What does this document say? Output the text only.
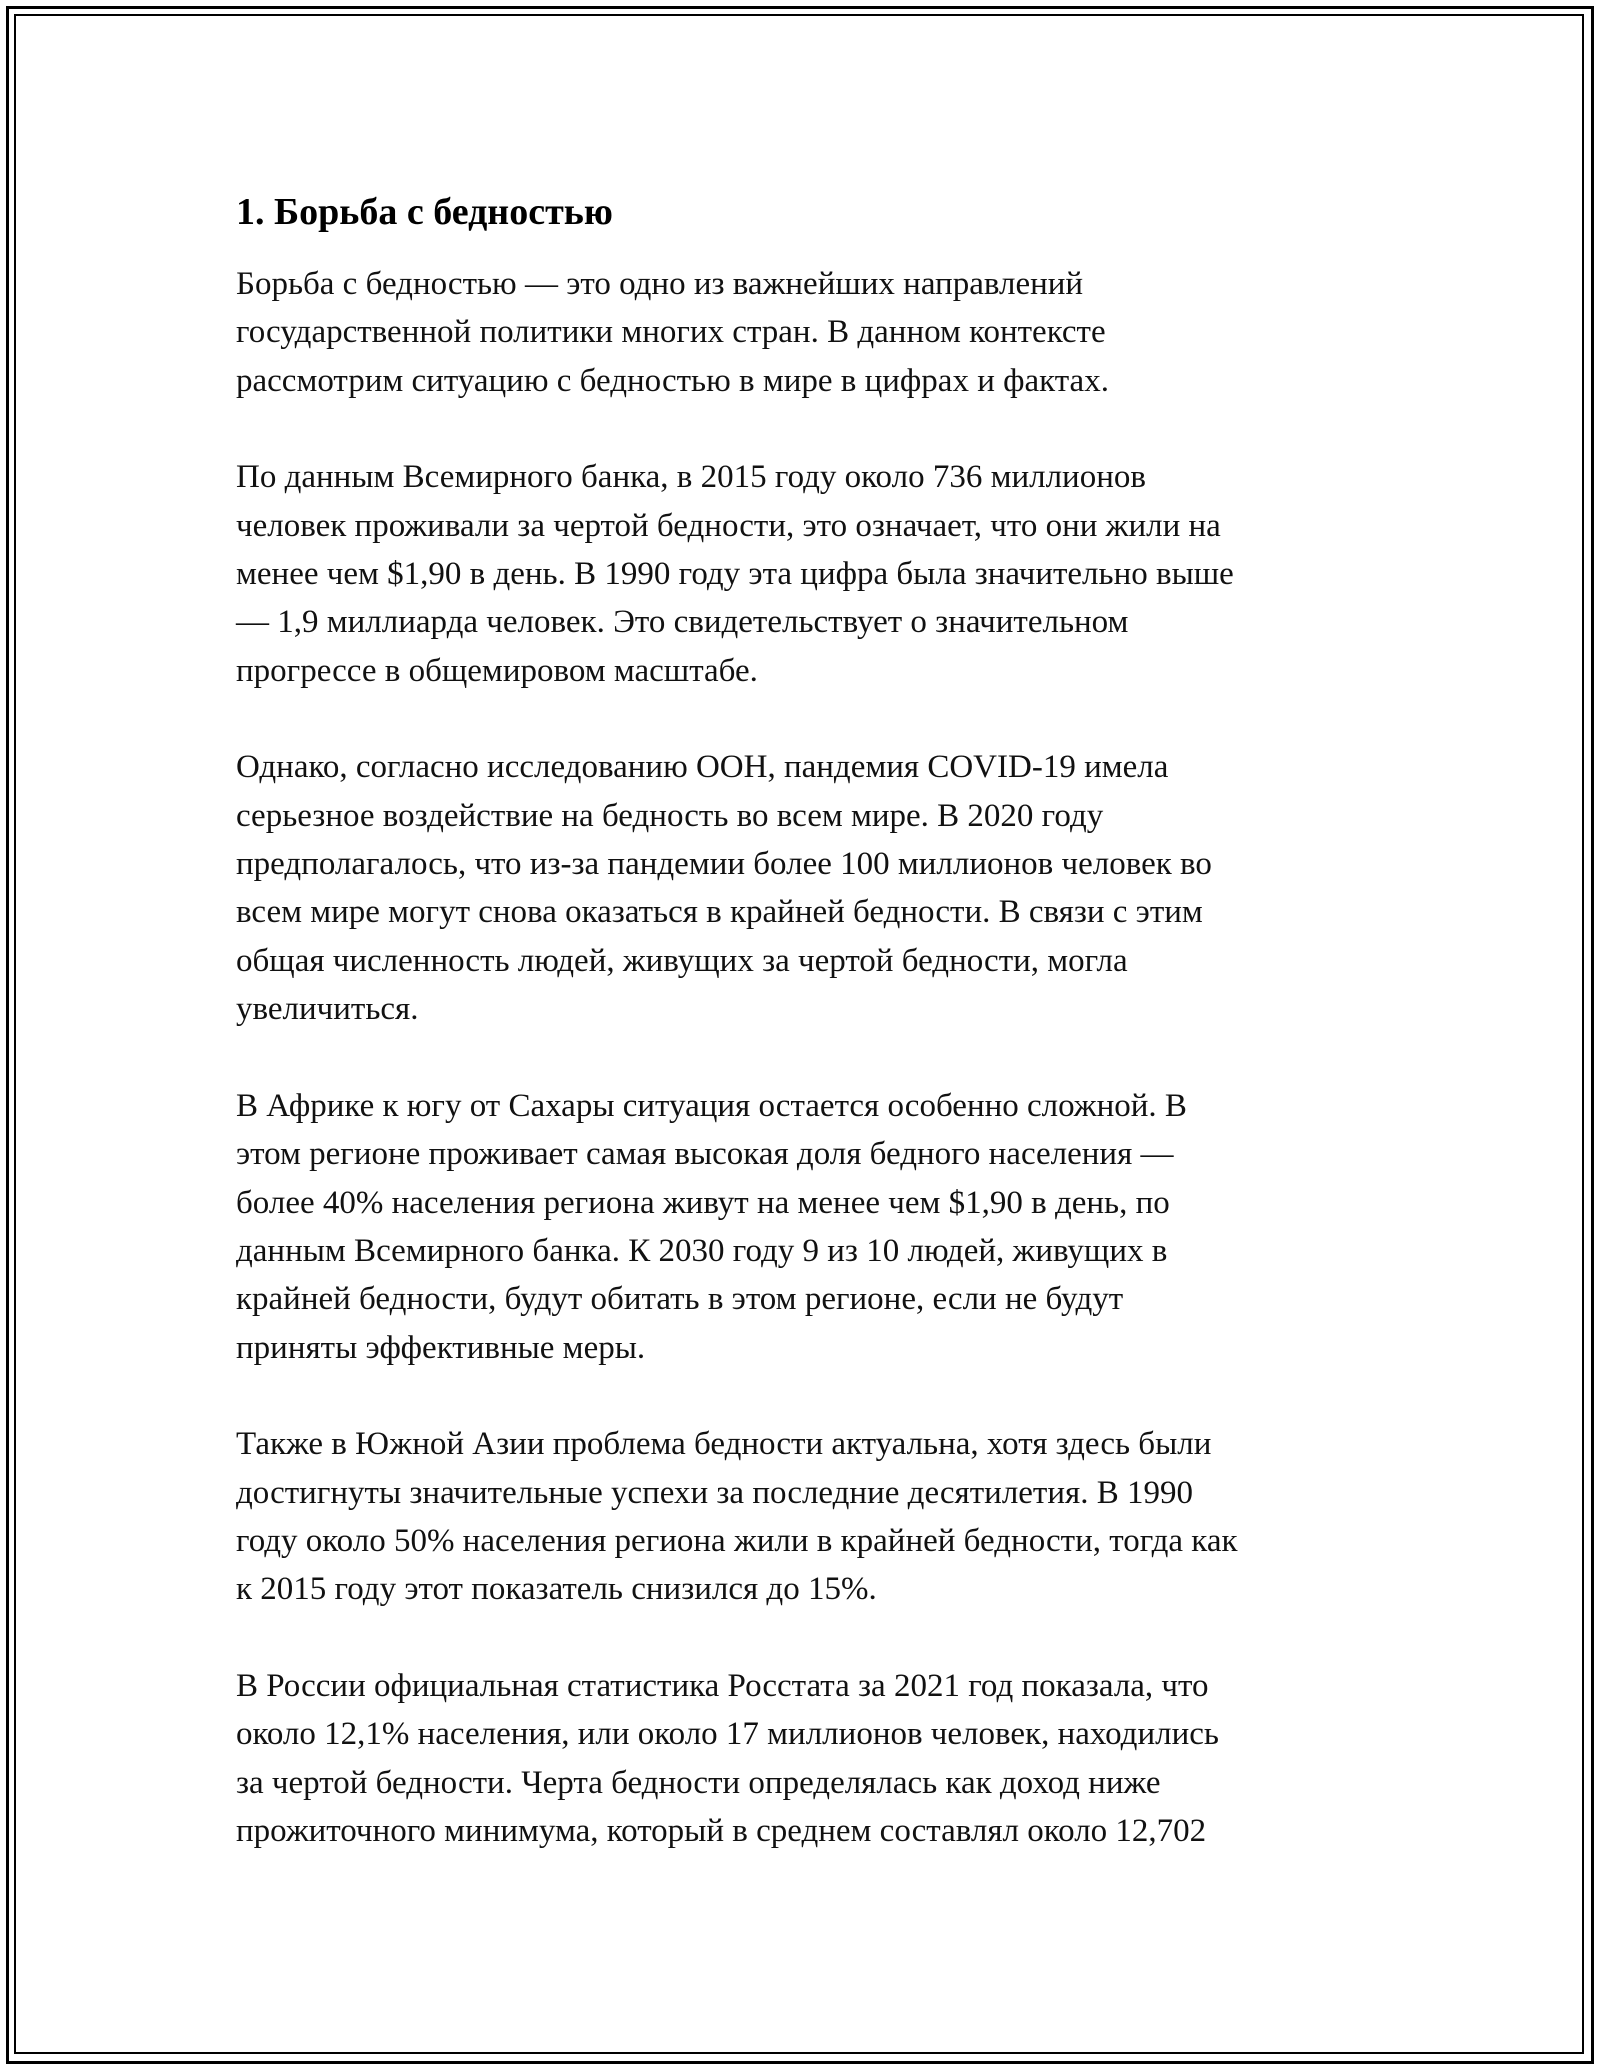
1. Борьба с бедностью

Борьба с бедностью — это одно из важнейших направлений
государственной политики многих стран. В данном контексте
рассмотрим ситуацию с бедностью в мире в цифрах и фактах.

По данным Всемирного банка, в 2015 году около 736 миллионов
человек проживали за чертой бедности, это означает, что они жили на
менее чем $1,90 в день. В 1990 году эта цифра была значительно выше
— 1,9 миллиарда человек. Это свидетельствует о значительном
прогрессе в общемировом масштабе.

Однако, согласно исследованию ООН, пандемия COVID-19 имела
серьезное воздействие на бедность во всем мире. В 2020 году
предполагалось, что из-за пандемии более 100 миллионов человек во
всем мире могут снова оказаться в крайней бедности. В связи с этим
общая численность людей, живущих за чертой бедности, могла
увеличиться.

В Африке к югу от Сахары ситуация остается особенно сложной. В
этом регионе проживает самая высокая доля бедного населения —
более 40% населения региона живут на менее чем $1,90 в день, по
данным Всемирного банка. К 2030 году 9 из 10 людей, живущих в
крайней бедности, будут обитать в этом регионе, если не будут
приняты эффективные меры.

Также в Южной Азии проблема бедности актуальна, хотя здесь были
достигнуты значительные успехи за последние десятилетия. В 1990
году около 50% населения региона жили в крайней бедности, тогда как
к 2015 году этот показатель снизился до 15%.

В России официальная статистика Росстата за 2021 год показала, что
около 12,1% населения, или около 17 миллионов человек, находились
за чертой бедности. Черта бедности определялась как доход ниже
прожиточного минимума, который в среднем составлял около 12,702
